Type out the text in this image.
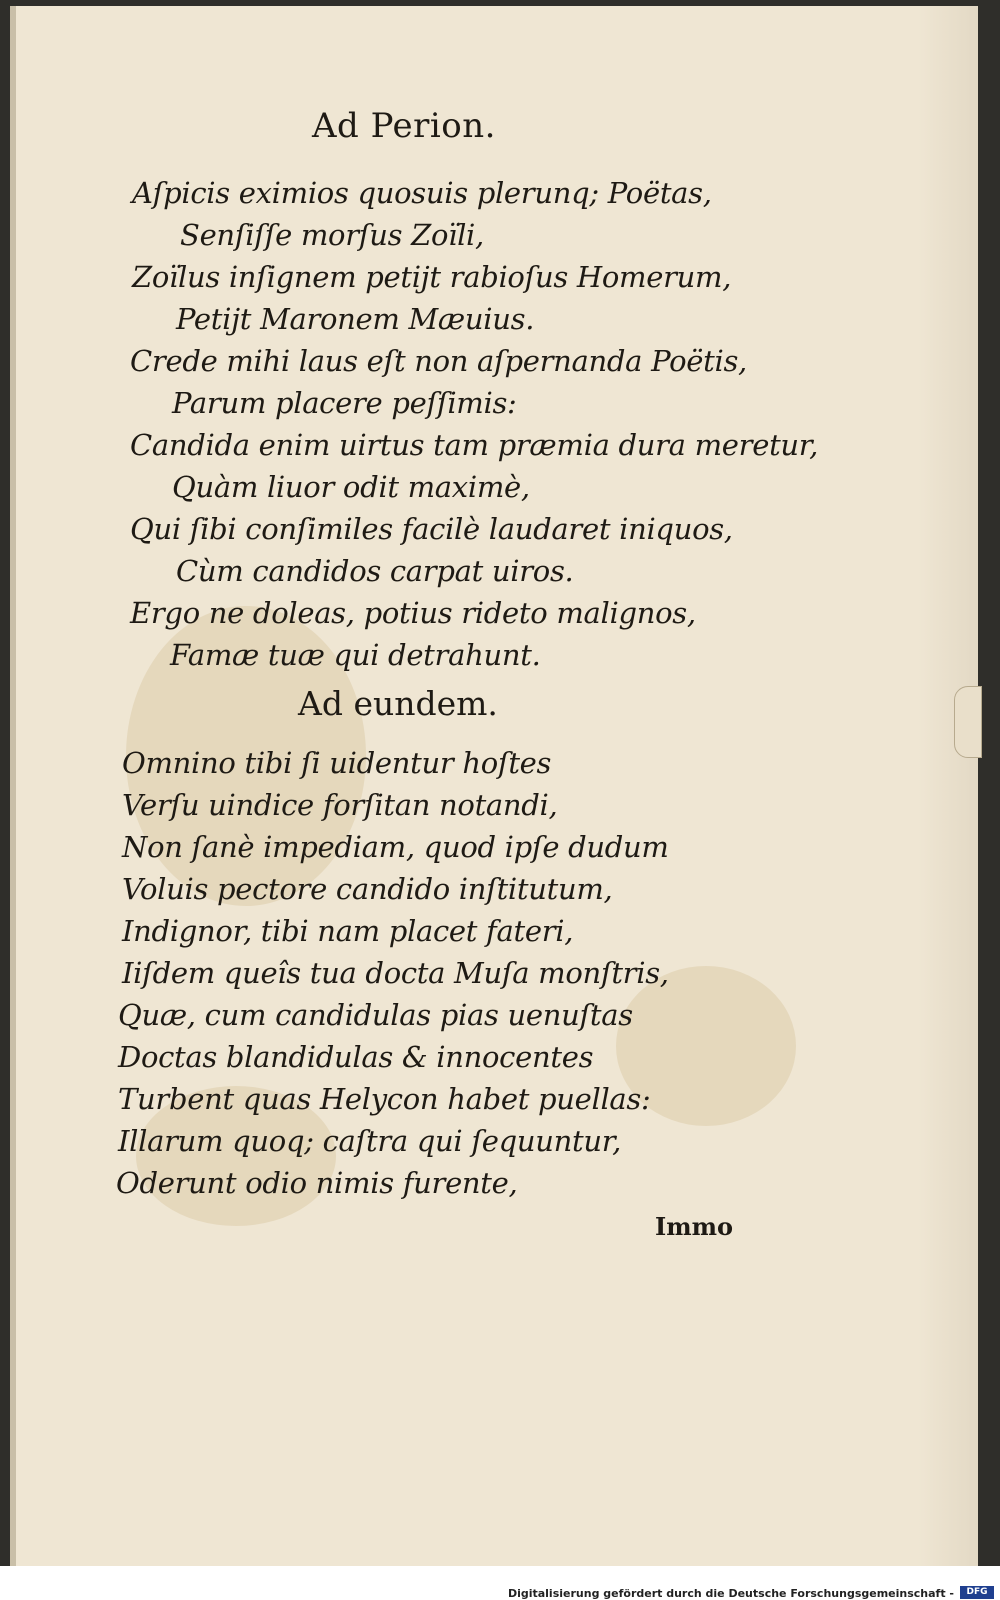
Ad Perion.
Aſpicis eximios quosuis plerunq; Poëtas,
Senſiſſe morſus Zoïli,
Zoïlus inſignem petijt rabioſus Homerum,
Petijt Maronem Mæuius.
Crede mihi laus eſt non aſpernanda Poëtis,
Parum placere peſſimis:
Candida enim uirtus tam præmia dura meretur,
Quàm liuor odit maximè,
Qui ſibi conſimiles facilè laudaret iniquos,
Cùm candidos carpat uiros.
Ergo ne doleas, potius rideto malignos,
Famæ tuæ qui detrahunt.
Ad eundem.
Omnino tibi ſi uidentur hoſtes
Verſu uindice forſitan notandi,
Non ſanè impediam, quod ipſe dudum
Voluis pectore candido inſtitutum,
Indignor, tibi nam placet fateri,
Iiſdem queîs tua docta Muſa monſtris,
Quæ, cum candidulas pias uenuſtas
Doctas blandidulas & innocentes
Turbent quas Helycon habet puellas:
Illarum quoq; caſtra qui ſequuntur,
Oderunt odio nimis furente,
Immo
Digitalisierung gefördert durch die Deutsche Forschungsgemeinschaft -	DFG
